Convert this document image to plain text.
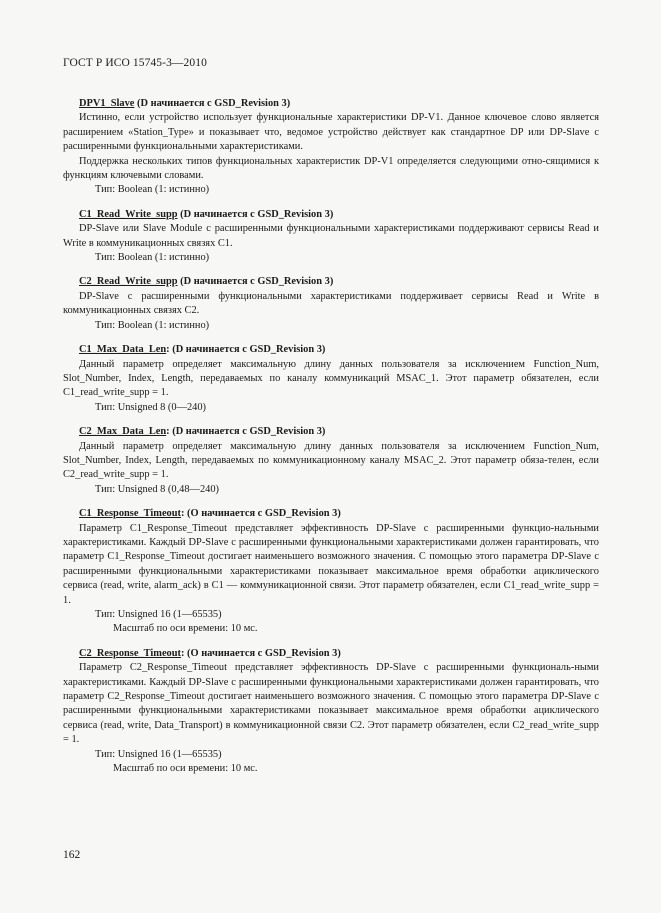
ГОСТ Р ИСО 15745-3—2010
DPV1_Slave (D начинается с GSD_Revision 3)

Истинно, если устройство использует функциональные характеристики DP-V1. Данное ключевое слово является расширением «Station_Type» и показывает что, ведомое устройство действует как стандартное DP или DP-Slave с расширенными функциональными характеристиками.

Поддержка нескольких типов функциональных характеристик DP-V1 определяется следующими отно-сящимися к функциям ключевыми словами.

Тип: Boolean (1: истинно)

C1_Read_Write_supp (D начинается с GSD_Revision 3)

DP-Slave или Slave Module с расширенными функциональными характеристиками поддерживают сервисы Read и Write в коммуникационных связях C1.

Тип: Boolean (1: истинно)

C2_Read_Write_supp (D начинается с GSD_Revision 3)

DP-Slave с расширенными функциональными характеристиками поддерживает сервисы Read и Write в коммуникационных связях C2.

Тип: Boolean (1: истинно)

C1_Max_Data_Len: (D начинается с GSD_Revision 3)

Данный параметр определяет максимальную длину данных пользователя за исключением Function_Num, Slot_Number, Index, Length, передаваемых по каналу коммуникаций MSAC_1. Этот параметр обязателен, если C1_read_write_supp = 1.

Тип: Unsigned 8 (0—240)

C2_Max_Data_Len: (D начинается с GSD_Revision 3)

Данный параметр определяет максимальную длину данных пользователя за исключением Function_Num, Slot_Number, Index, Length, передаваемых по коммуникационному каналу MSAC_2. Этот параметр обяза-телен, если C2_read_write_supp = 1.

Тип: Unsigned 8 (0,48—240)

C1_Response_Timeout: (O начинается с GSD_Revision 3)

Параметр C1_Response_Timeout представляет эффективность DP-Slave с расширенными функцио-нальными характеристиками. Каждый DP-Slave с расширенными функциональными характеристиками должен гарантировать, что параметр C1_Response_Timeout достигает наименьшего возможного значения. С помощью этого параметра DP-Slave с расширенными функциональными характеристиками показывает максимальное время обработки ациклического сервиса (read, write, alarm_ack) в C1 — коммуникационной связи. Этот параметр обязателен, если C1_read_write_supp = 1.

Тип: Unsigned 16 (1—65535)

Масштаб по оси времени: 10 мс.

C2_Response_Timeout: (O начинается с GSD_Revision 3)

Параметр C2_Response_Timeout представляет эффективность DP-Slave с расширенными функциональ-ными характеристиками. Каждый DP-Slave с расширенными функциональными характеристиками должен гарантировать, что параметр C2_Response_Timeout достигает наименьшего возможного значения. С помощью этого параметра DP-Slave с расширенными функциональными характеристиками показывает максимальное время обработки ациклического сервиса (read, write, Data_Transport) в коммуникационной связи C2. Этот параметр обязателен, если C2_read_write_supp = 1.

Тип: Unsigned 16 (1—65535)

Масштаб по оси времени: 10 мс.

162
